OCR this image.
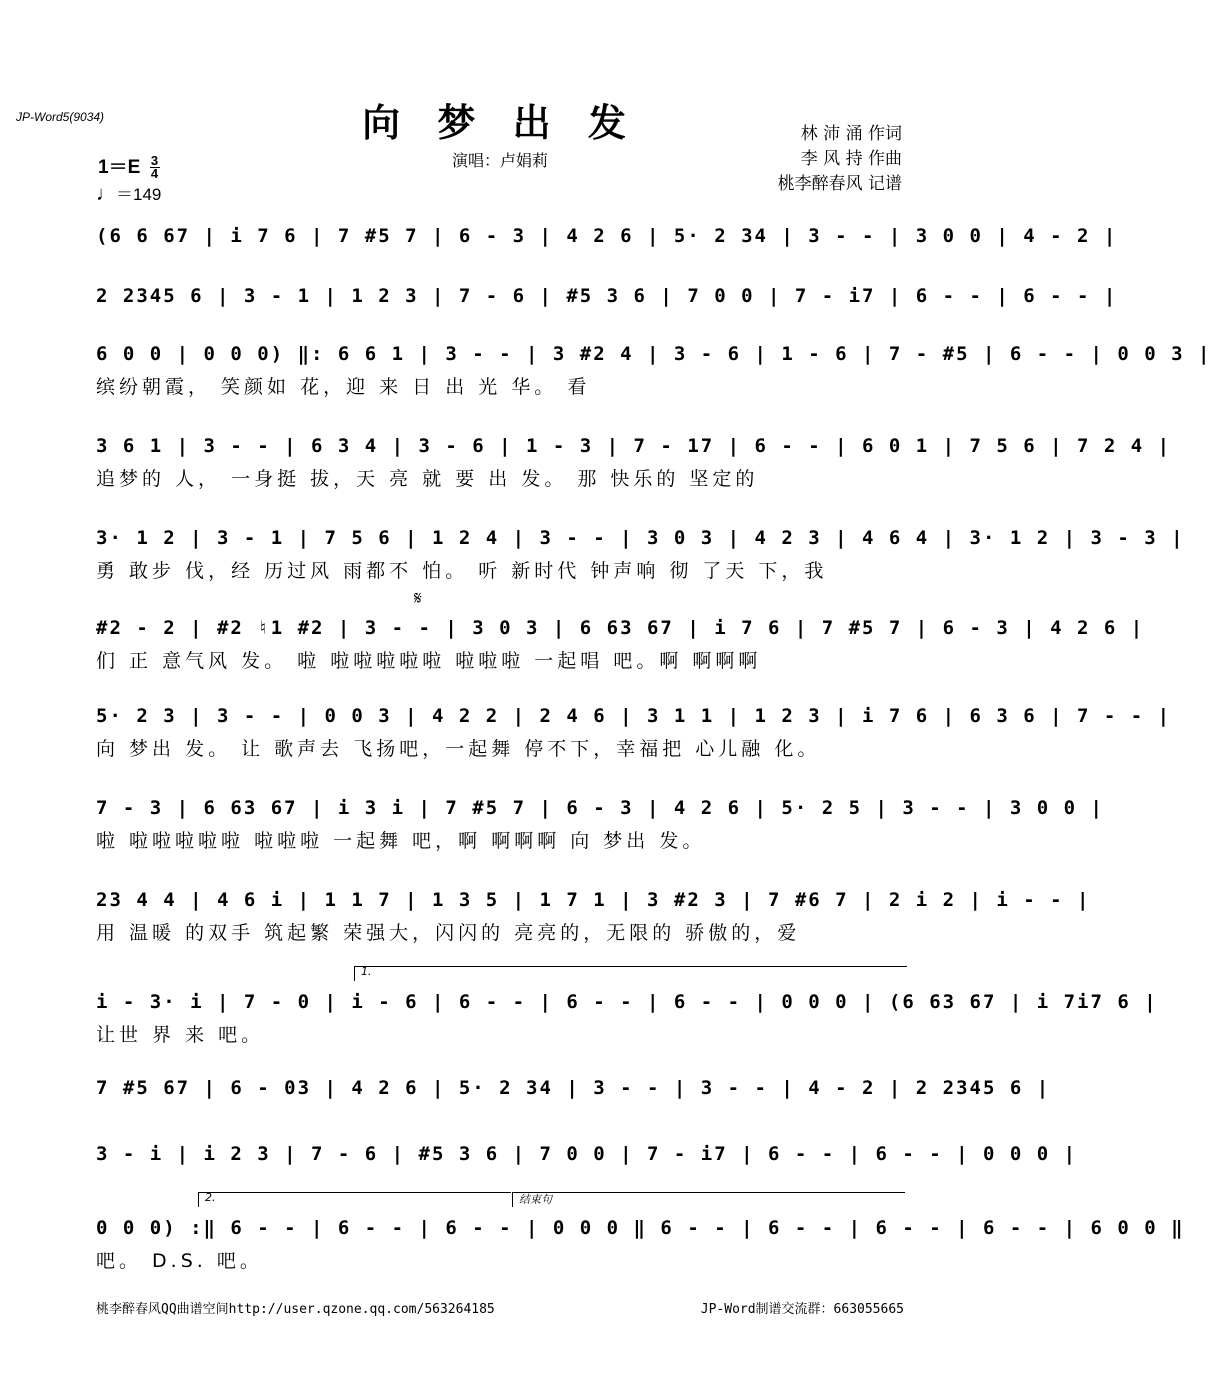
JP-Word5(9034)	向 梦 出 发
演唱：卢娟莉
林 沛 涌 作词
李 风 持 作曲
桃李醉春风 记谱
$1=E \frac{3}{4}$
♩＝149
𝄋
1.
2.	结束句
(6 6 67 | i 7 6 | 7 #5 7 | 6 - 3 | 4 2 6 | 5· 2 34 | 3 - - | 3 0 0 | 4 - 2 |
2 2345 6 | 3 - 1 | 1 2 3 | 7 - 6 | #5 3 6 | 7 0 0 | 7 - i7 | 6 - - | 6 - - |
6 0 0 | 0 0 0) ‖: 6 6 1 | 3 - - | 3 #2 4 | 3 - 6 | 1 - 6 | 7 - #5 | 6 - - | 0 0 3 |
缤纷朝霞， 笑颜如 花，迎 来 日 出 光 华。 看
3 6 1 | 3 - - | 6 3 4 | 3 - 6 | 1 - 3 | 7 - 17 | 6 - - | 6 0 1 | 7 5 6 | 7 2 4 |
追梦的 人， 一身挺 拔，天 亮 就 要 出 发。 那 快乐的 坚定的
3· 1 2 | 3 - 1 | 7 5 6 | 1 2 4 | 3 - - | 3 0 3 | 4 2 3 | 4 6 4 | 3· 1 2 | 3 - 3 |
勇 敢步 伐，经 历过风 雨都不 怕。 听 新时代 钟声响 彻 了天 下，我
#2 - 2 | #2 ♮1 #2 | 3 - - | 3 0 3 | 6 63 67 | i 7 6 | 7 #5 7 | 6 - 3 | 4 2 6 |
们 正 意气风 发。 啦 啦啦啦啦啦 啦啦啦 一起唱 吧。啊 啊啊啊
5· 2 3 | 3 - - | 0 0 3 | 4 2 2 | 2 4 6 | 3 1 1 | 1 2 3 | i 7 6 | 6 3 6 | 7 - - |
向 梦出 发。 让 歌声去 飞扬吧，一起舞 停不下，幸福把 心儿融 化。
7 - 3 | 6 63 67 | i 3 i | 7 #5 7 | 6 - 3 | 4 2 6 | 5· 2 5 | 3 - - | 3 0 0 |
啦 啦啦啦啦啦 啦啦啦 一起舞 吧，啊 啊啊啊 向 梦出 发。
23 4 4 | 4 6 i | 1 1 7 | 1 3 5 | 1 7 1 | 3 #2 3 | 7 #6 7 | 2 i 2 | i - - |
用 温暖 的双手 筑起繁 荣强大，闪闪的 亮亮的，无限的 骄傲的，爱
i - 3· i | 7 - 0 | i - 6 | 6 - - | 6 - - | 6 - - | 0 0 0 | (6 63 67 | i 7i7 6 |
让世 界 来 吧。
7 #5 67 | 6 - 03 | 4 2 6 | 5· 2 34 | 3 - - | 3 - - | 4 - 2 | 2 2345 6 |
3 - i | i 2 3 | 7 - 6 | #5 3 6 | 7 0 0 | 7 - i7 | 6 - - | 6 - - | 0 0 0 |
0 0 0) :‖ 6 - - | 6 - - | 6 - - | 0 0 0 ‖ 6 - - | 6 - - | 6 - - | 6 - - | 6 0 0 ‖
吧。 D.S. 吧。
桃李醉春风QQ曲谱空间http://user.qzone.qq.com/563264185	JP-Word制谱交流群：663055665
